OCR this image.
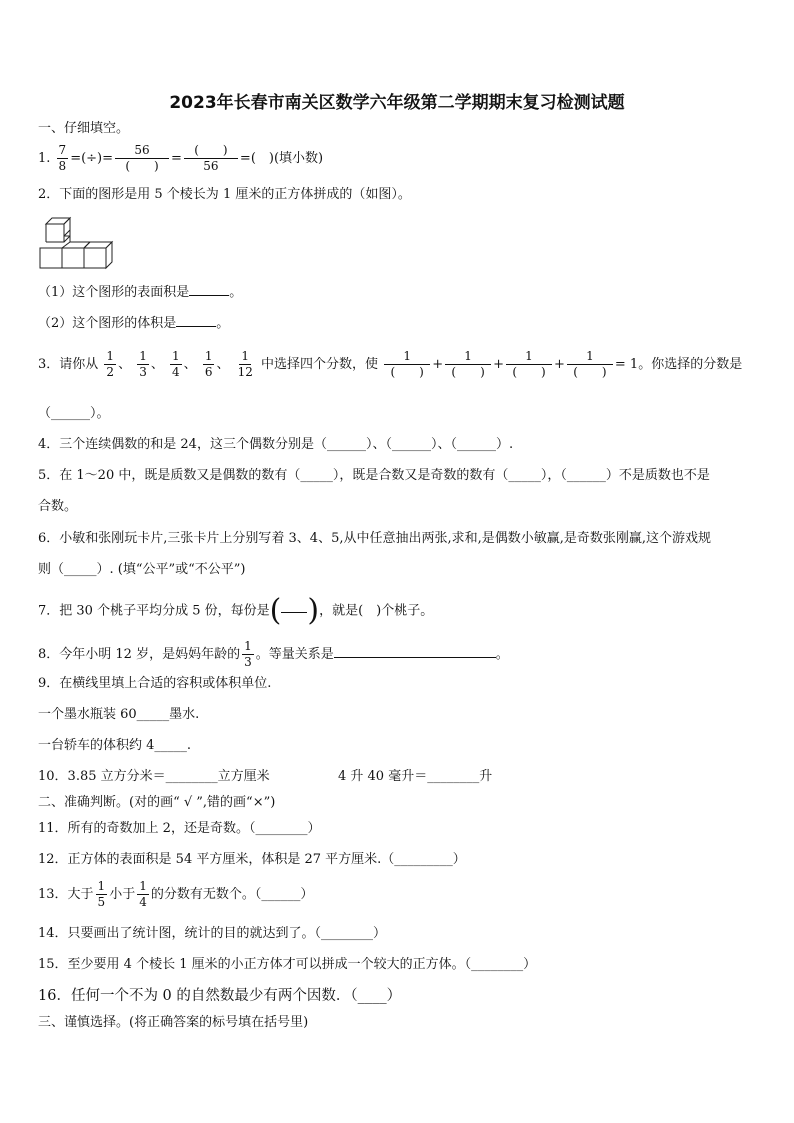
2023年长春市南关区数学六年级第二学期期末复习检测试题
一、仔细填空。
1. $\frac{7}{8}$ =(÷)= $\frac{56}{( )} = \frac{( )}{56}$ =(　)(填小数)
2．下面的图形是用 5 个棱长为 1 厘米的正方体拼成的（如图）。
（1）这个图形的表面积是	。
（2）这个图形的体积是	。
3．请你从 $\frac{1}{2}$ 、 $\frac{1}{3}$ 、 $\frac{1}{4}$ 、 $\frac{1}{6}$ 、 $\frac{1}{12}$ 中选择四个分数，使 $\frac{1}{( )} + \frac{1}{( )} + \frac{1}{( )} + \frac{1}{( )} = 1$。你选择的分数是
（______）。
4．三个连续偶数的和是 24，这三个偶数分别是（______）、（______）、（______）.
5．在 1～20 中，既是质数又是偶数的数有（_____），既是合数又是奇数的数有（_____），（______）不是质数也不是
合数。
6．小敏和张刚玩卡片,三张卡片上分别写着 3、4、5,从中任意抽出两张,求和,是偶数小敏赢,是奇数张刚赢,这个游戏规
则（_____）. (填“公平”或“不公平”)
7．把 30 个桃子平均分成 5 份，每份是( )，就是(　)个桃子。
8．今年小明 12 岁，是妈妈年龄的 $\frac{1}{3}$ 。等量关系是	。
9．在横线里填上合适的容积或体积单位.
一个墨水瓶装 60_____墨水.
一台轿车的体积约 4_____.
10．3.85 立方分米＝________立方厘米	4 升 40 毫升＝________升
二、准确判断。(对的画“ √ ”,错的画“×”)
11．所有的奇数加上 2，还是奇数。（________）
12．正方体的表面积是 54 平方厘米，体积是 27 平方厘米.（_________）
13．大于 $\frac{1}{5}$ 小于 $\frac{1}{4}$ 的分数有无数个。（______）
14．只要画出了统计图，统计的目的就达到了。（________）
15．至少要用 4 个棱长 1 厘米的小正方体才可以拼成一个较大的正方体。（________）
16．任何一个不为 0 的自然数最少有两个因数．（____）
三、谨慎选择。(将正确答案的标号填在括号里)
